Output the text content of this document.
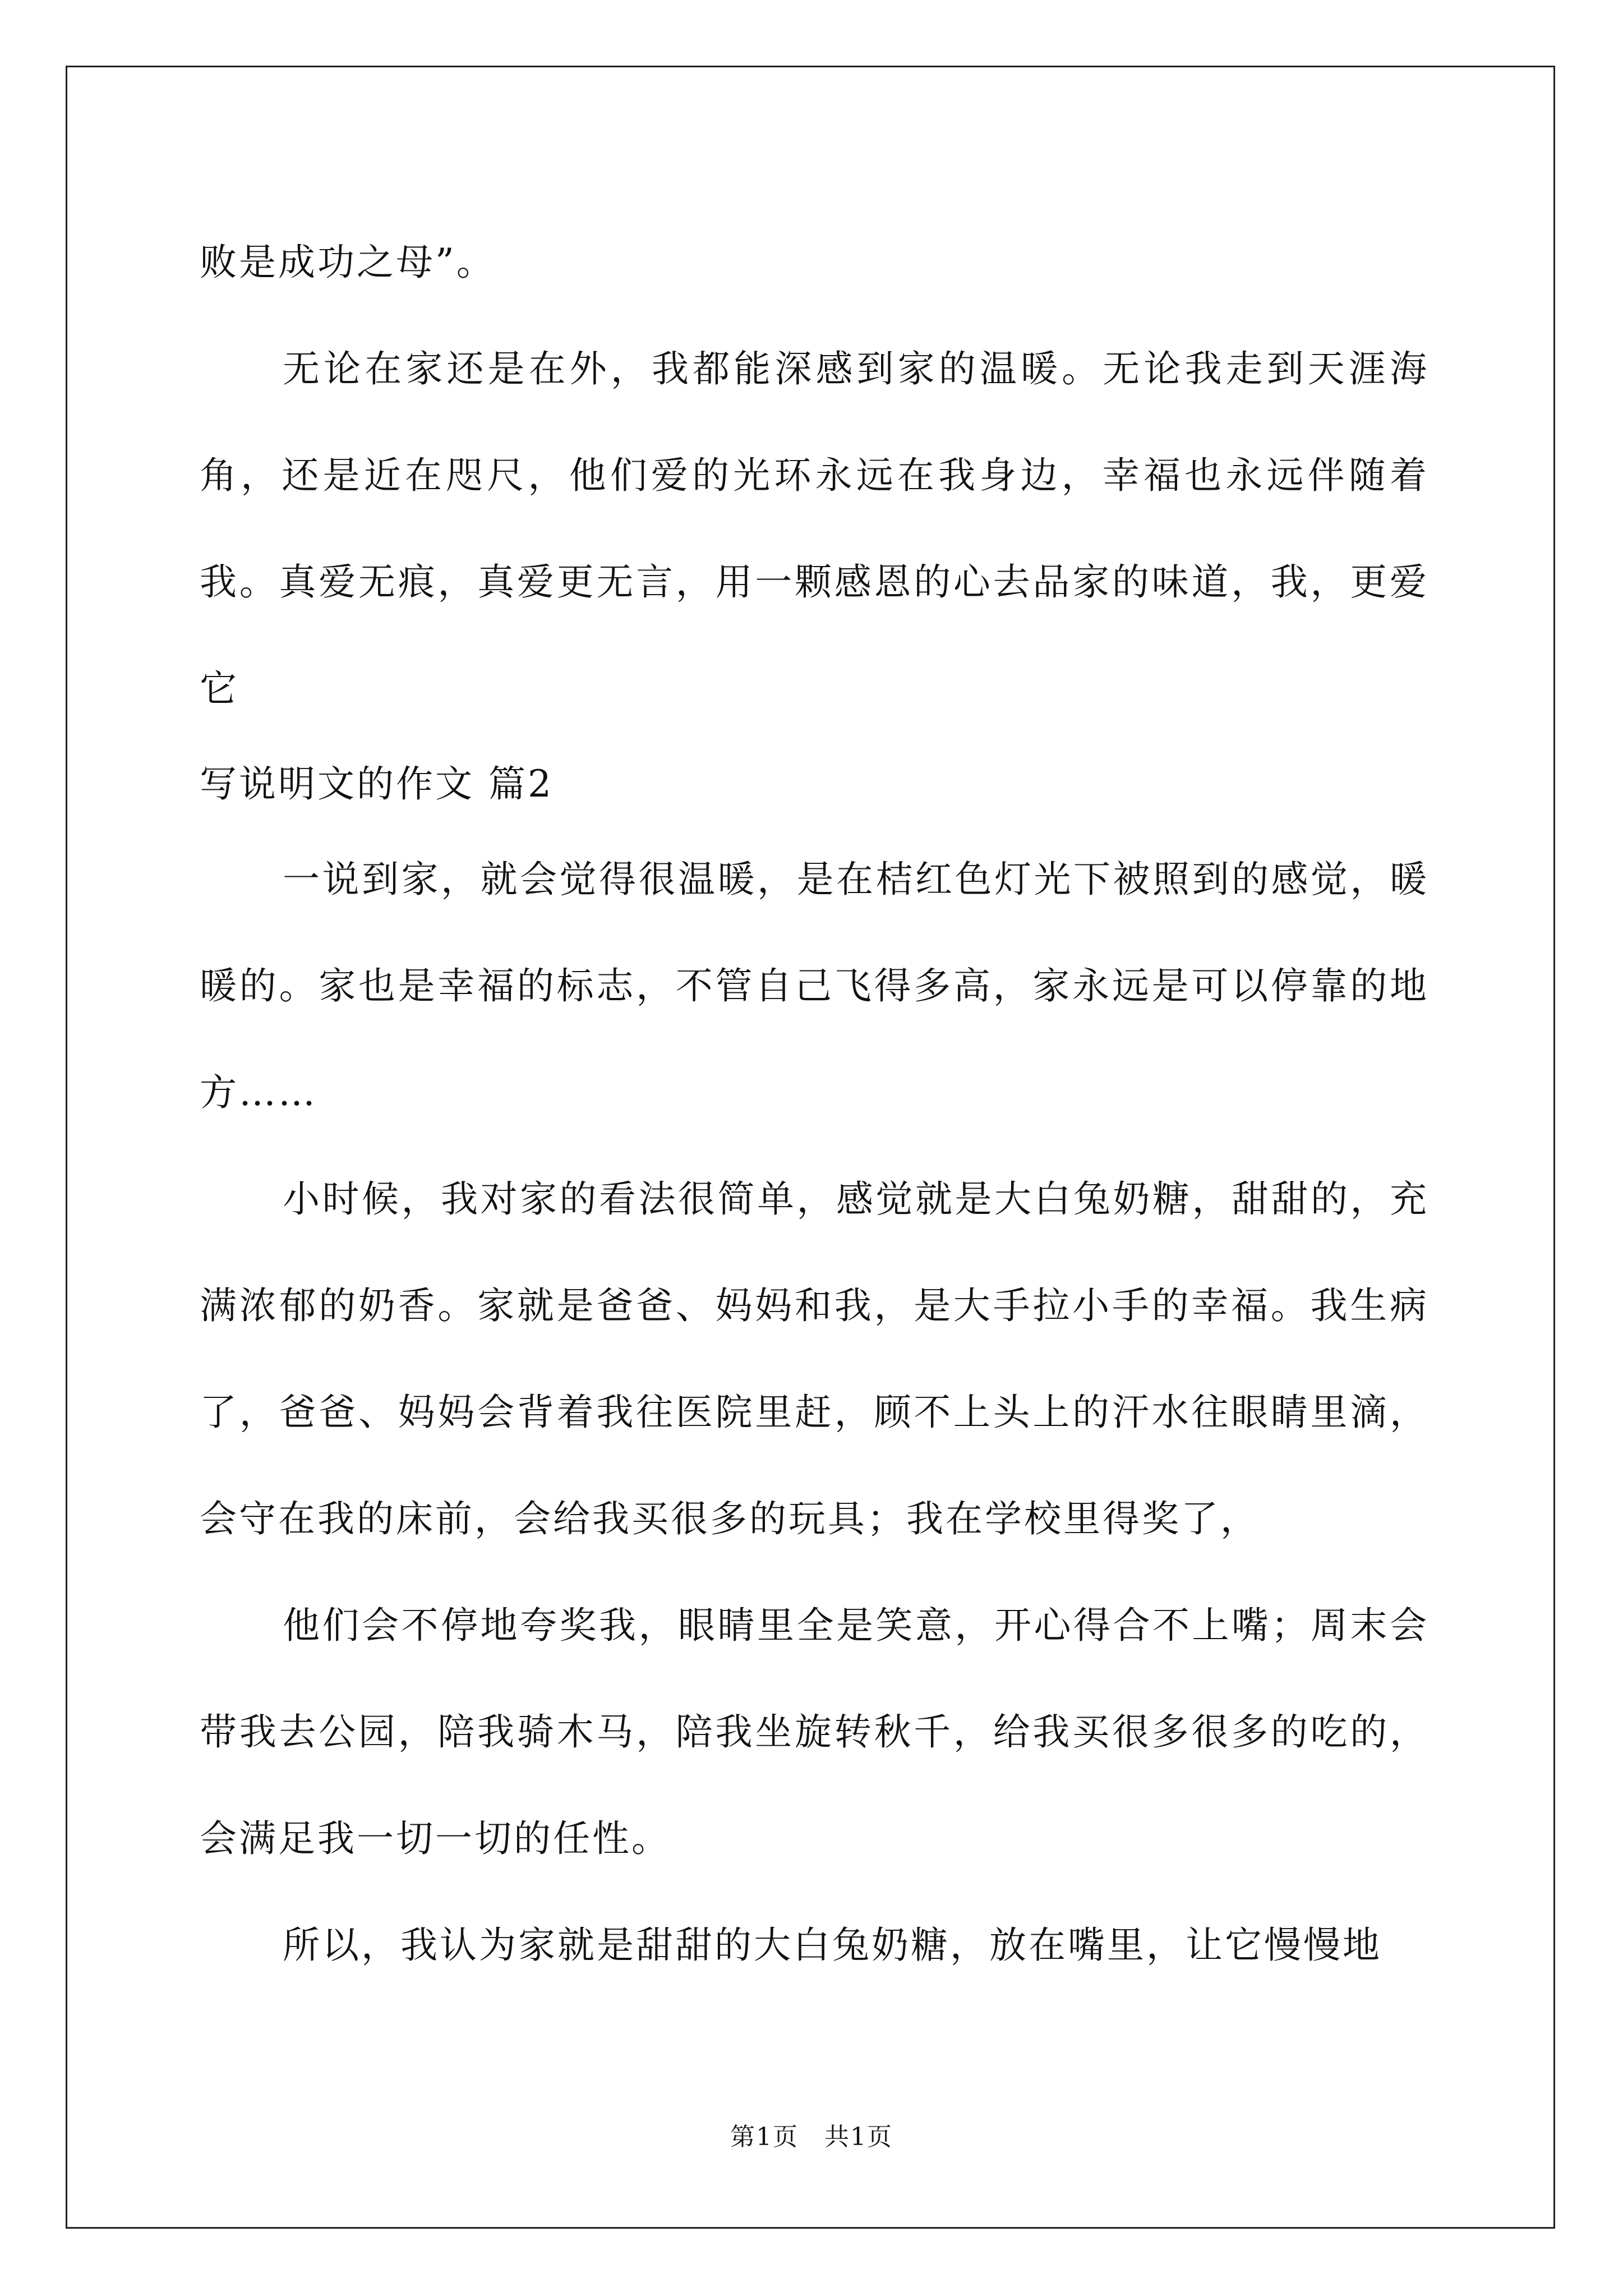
败是成功之母”。

无论在家还是在外，我都能深感到家的温暖。无论我走到天涯海角，还是近在咫尺，他们爱的光环永远在我身边，幸福也永远伴随着我。真爱无痕，真爱更无言，用一颗感恩的心去品家的味道，我，更爱它

写说明文的作文 篇2

一说到家，就会觉得很温暖，是在桔红色灯光下被照到的感觉，暖暖的。家也是幸福的标志，不管自己飞得多高，家永远是可以停靠的地方……

小时候，我对家的看法很简单，感觉就是大白兔奶糖，甜甜的，充满浓郁的奶香。家就是爸爸、妈妈和我，是大手拉小手的幸福。我生病了，爸爸、妈妈会背着我往医院里赶，顾不上头上的汗水往眼睛里滴，会守在我的床前，会给我买很多的玩具；我在学校里得奖了，

他们会不停地夸奖我，眼睛里全是笑意，开心得合不上嘴；周末会带我去公园，陪我骑木马，陪我坐旋转秋千，给我买很多很多的吃的，会满足我一切一切的任性。

所以，我认为家就是甜甜的大白兔奶糖，放在嘴里，让它慢慢地

第1页　共1页
